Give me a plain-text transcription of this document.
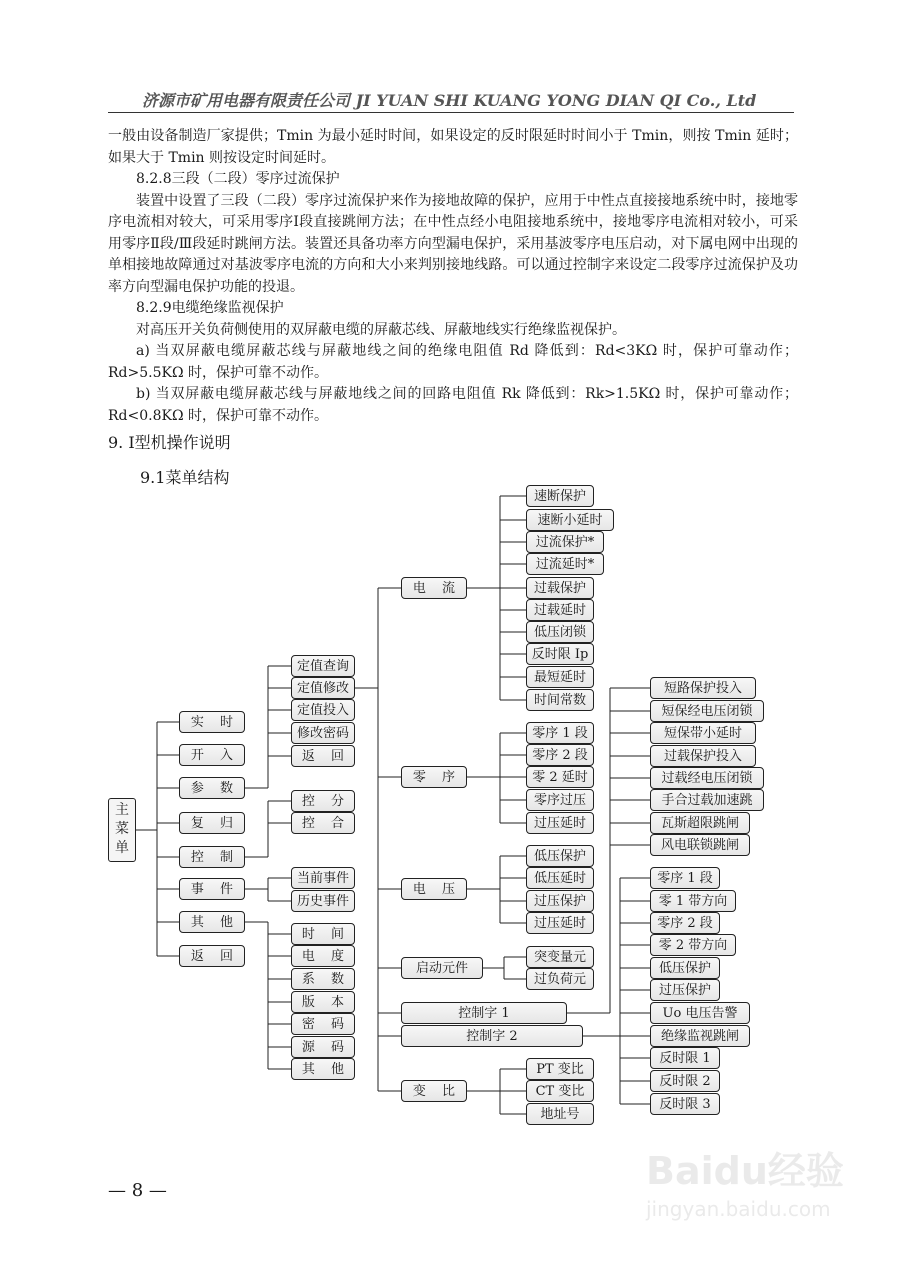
济源市矿用电器有限责任公司 JI YUAN SHI KUANG YONG DIAN QI Co., Ltd

一般由设备制造厂家提供；Tmin 为最小延时时间，如果设定的反时限延时时间小于 Tmin，则按 Tmin 延时；如果大于 Tmin 则按设定时间延时。

8.2.8三段（二段）零序过流保护

装置中设置了三段（二段）零序过流保护来作为接地故障的保护，应用于中性点直接接地系统中时，接地零序电流相对较大，可采用零序Ⅰ段直接跳闸方法；在中性点经小电阻接地系统中，接地零序电流相对较小，可采用零序Ⅱ段/Ⅲ段延时跳闸方法。装置还具备功率方向型漏电保护，采用基波零序电压启动，对下属电网中出现的单相接地故障通过对基波零序电流的方向和大小来判别接地线路。可以通过控制字来设定二段零序过流保护及功率方向型漏电保护功能的投退。

8.2.9电缆绝缘监视保护

对高压开关负荷侧使用的双屏蔽电缆的屏蔽芯线、屏蔽地线实行绝缘监视保护。

a) 当双屏蔽电缆屏蔽芯线与屏蔽地线之间的绝缘电阻值 Rd 降低到：Rd<3KΩ 时，保护可靠动作；Rd>5.5KΩ 时，保护可靠不动作。

b) 当双屏蔽电缆屏蔽芯线与屏蔽地线之间的回路电阻值 Rk 降低到：Rk>1.5KΩ 时，保护可靠动作；Rd<0.8KΩ 时，保护可靠不动作。

9. Ⅰ型机操作说明
9.1菜单结构
主菜单
实 时
开 入
参 数
复 归
控 制
事 件
其 他
返 回
定值查询
定值修改
定值投入
修改密码
返 回
控 分
控 合
当前事件
历史事件
时 间
电 度
系 数
版 本
密 码
源 码
其 他
电 流
零 序
电 压
启动元件
控制字 1
控制字 2
变 比
速断保护
速断小延时
过流保护*
过流延时*
过载保护
过载延时
低压闭锁
反时限 Ip
最短延时
时间常数
零序 1 段
零序 2 段
零 2 延时
零序过压
过压延时
低压保护
低压延时
过压保护
过压延时
突变量元
过负荷元
PT 变比
CT 变比
地址号
短路保护投入
短保经电压闭锁
短保带小延时
过载保护投入
过载经电压闭锁
手合过载加速跳
瓦斯超限跳闸
风电联锁跳闸
零序 1 段
零 1 带方向
零序 2 段
零 2 带方向
低压保护
过压保护
Uo 电压告警
绝缘监视跳闸
反时限 1
反时限 2
反时限 3
— 8 —	Baidu经验
jingyan.baidu.com
